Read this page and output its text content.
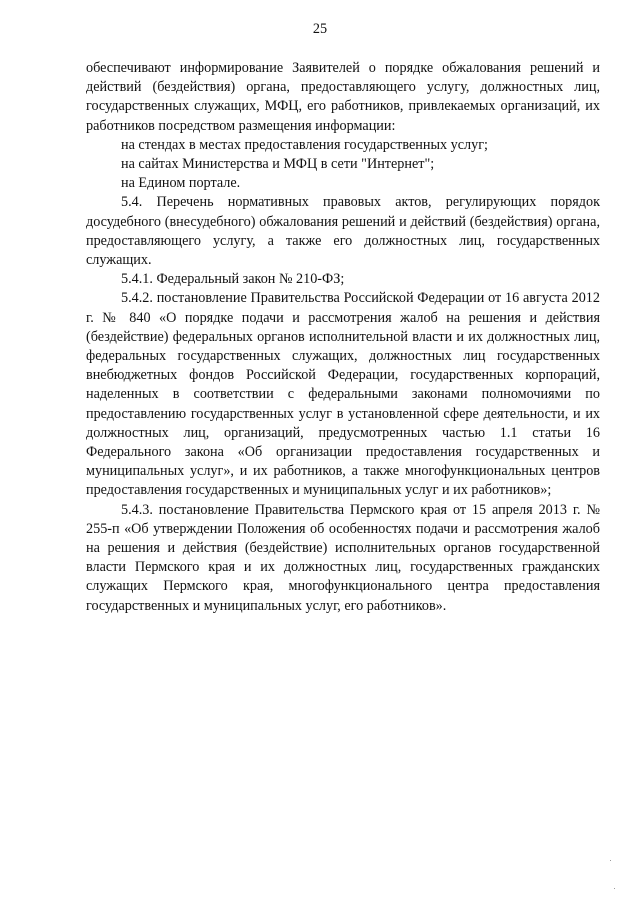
25

обеспечивают информирование Заявителей о порядке обжалования решений и действий (бездействия) органа, предоставляющего услугу, должностных лиц, государственных служащих, МФЦ, его работников, привлекаемых организаций, их работников посредством размещения информации:

на стендах в местах предоставления государственных услуг;

на сайтах Министерства и МФЦ в сети "Интернет";

на Едином портале.

5.4. Перечень нормативных правовых актов, регулирующих порядок досудебного (внесудебного) обжалования решений и действий (бездействия) органа, предоставляющего услугу, а также его должностных лиц, государственных служащих.

5.4.1. Федеральный закон № 210-ФЗ;

5.4.2. постановление Правительства Российской Федерации от 16 августа 2012 г. № 840 «О порядке подачи и рассмотрения жалоб на решения и действия (бездействие) федеральных органов исполнительной власти и их должностных лиц, федеральных государственных служащих, должностных лиц государственных внебюджетных фондов Российской Федерации, государственных корпораций, наделенных в соответствии с федеральными законами полномочиями по предоставлению государственных услуг в установленной сфере деятельности, и их должностных лиц, организаций, предусмотренных частью 1.1 статьи 16 Федерального закона «Об организации предоставления государственных и муниципальных услуг», и их работников, а также многофункциональных центров предоставления государственных и муниципальных услуг и их работников»;

5.4.3. постановление Правительства Пермского края от 15 апреля 2013 г. № 255-п «Об утверждении Положения об особенностях подачи и рассмотрения жалоб на решения и действия (бездействие) исполнительных органов государственной власти Пермского края и их должностных лиц, государственных гражданских служащих Пермского края, многофункционального центра предоставления государственных и муниципальных услуг, его работников».
